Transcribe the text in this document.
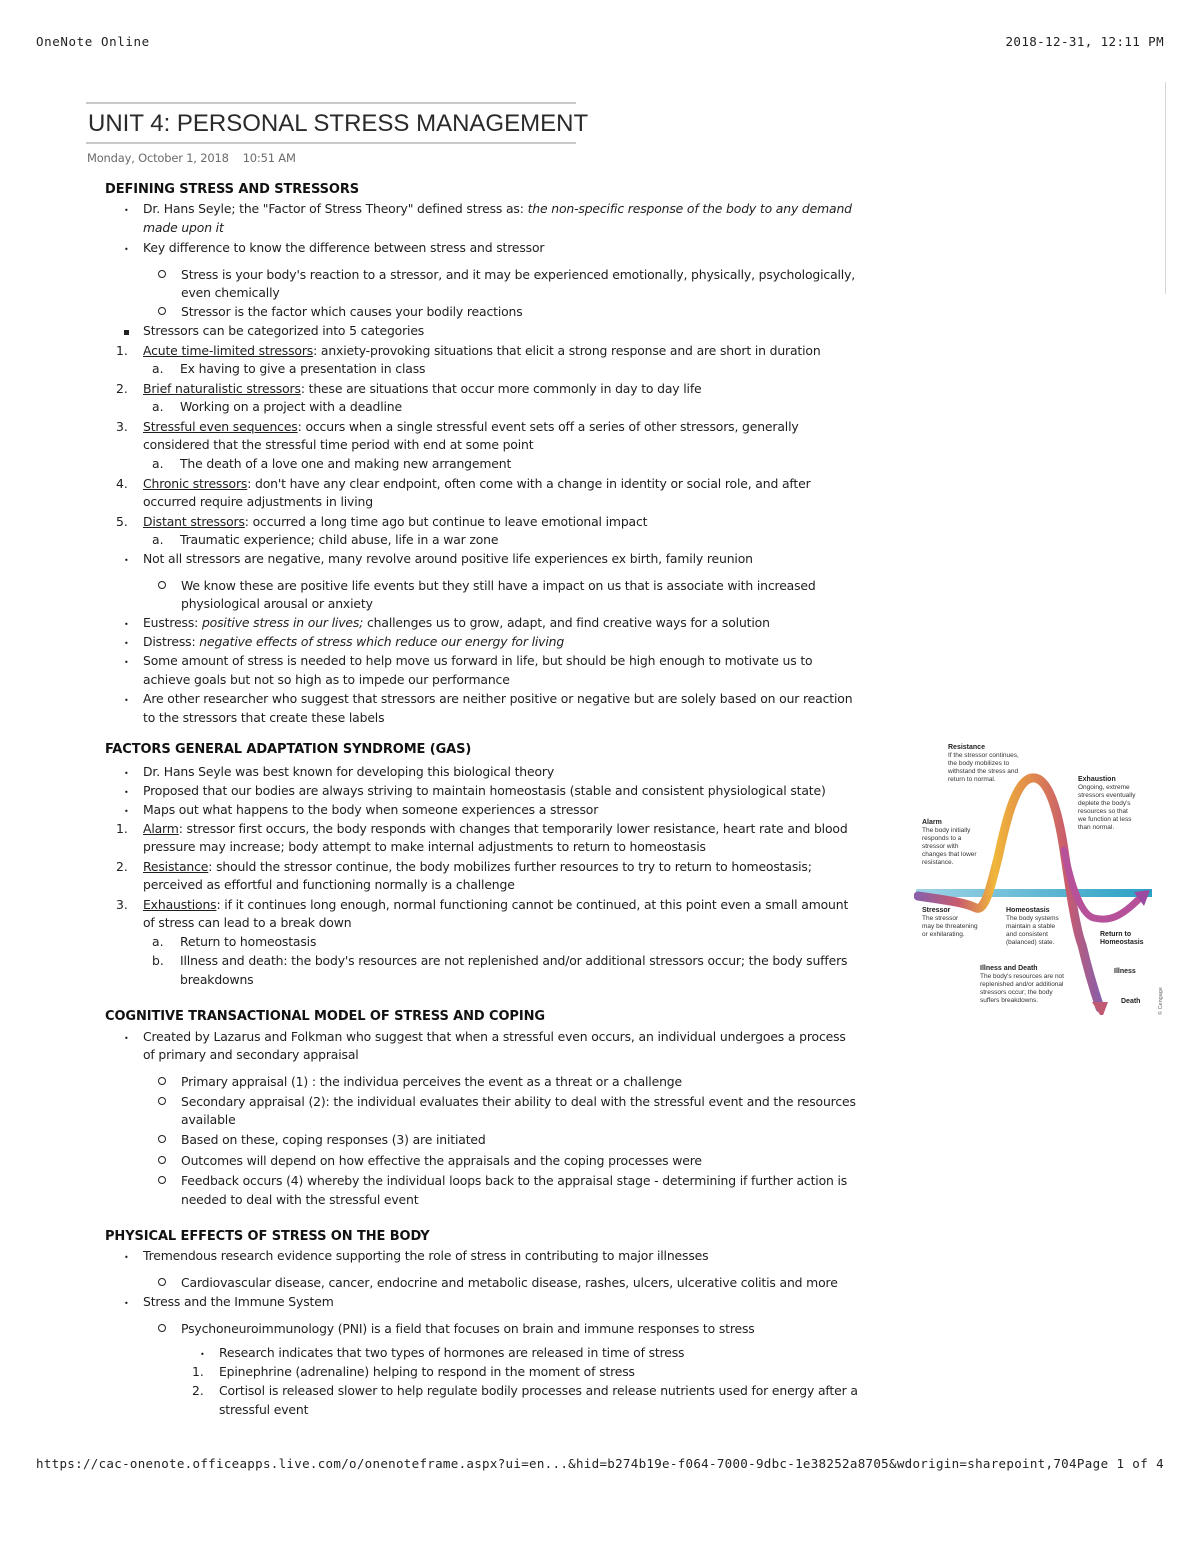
OneNote Online	2018-12-31, 12:11 PM
UNIT 4: PERSONAL STRESS MANAGEMENT
Monday, October 1, 2018 10:51 AM
DEFINING STRESS AND STRESSORS
• Dr. Hans Seyle; the "Factor of Stress Theory" defined stress as: the non-specific response of the body to any demand
made upon it
• Key difference to know the difference between stress and stressor
Stress is your body's reaction to a stressor, and it may be experienced emotionally, physically, psychologically,
even chemically
Stressor is the factor which causes your bodily reactions
Stressors can be categorized into 5 categories
1. Acute time-limited stressors: anxiety-provoking situations that elicit a strong response and are short in duration
a. Ex having to give a presentation in class
2. Brief naturalistic stressors: these are situations that occur more commonly in day to day life
a. Working on a project with a deadline
3. Stressful even sequences: occurs when a single stressful event sets off a series of other stressors, generally
considered that the stressful time period with end at some point
a. The death of a love one and making new arrangement
4. Chronic stressors: don't have any clear endpoint, often come with a change in identity or social role, and after
occurred require adjustments in living
5. Distant stressors: occurred a long time ago but continue to leave emotional impact
a. Traumatic experience; child abuse, life in a war zone
• Not all stressors are negative, many revolve around positive life experiences ex birth, family reunion
We know these are positive life events but they still have a impact on us that is associate with increased
physiological arousal or anxiety
• Eustress: positive stress in our lives; challenges us to grow, adapt, and find creative ways for a solution
• Distress: negative effects of stress which reduce our energy for living
• Some amount of stress is needed to help move us forward in life, but should be high enough to motivate us to
achieve goals but not so high as to impede our performance
• Are other researcher who suggest that stressors are neither positive or negative but are solely based on our reaction
to the stressors that create these labels
FACTORS GENERAL ADAPTATION SYNDROME (GAS)
• Dr. Hans Seyle was best known for developing this biological theory
• Proposed that our bodies are always striving to maintain homeostasis (stable and consistent physiological state)
• Maps out what happens to the body when someone experiences a stressor
1. Alarm: stressor first occurs, the body responds with changes that temporarily lower resistance, heart rate and blood
pressure may increase; body attempt to make internal adjustments to return to homeostasis
2. Resistance: should the stressor continue, the body mobilizes further resources to try to return to homeostasis;
perceived as effortful and functioning normally is a challenge
3. Exhaustions: if it continues long enough, normal functioning cannot be continued, at this point even a small amount
of stress can lead to a break down
a. Return to homeostasis
b. Illness and death: the body's resources are not replenished and/or additional stressors occur; the body suffers
breakdowns
COGNITIVE TRANSACTIONAL MODEL OF STRESS AND COPING
• Created by Lazarus and Folkman who suggest that when a stressful even occurs, an individual undergoes a process
of primary and secondary appraisal
Primary appraisal (1) : the individua perceives the event as a threat or a challenge
Secondary appraisal (2): the individual evaluates their ability to deal with the stressful event and the resources
available
Based on these, coping responses (3) are initiated
Outcomes will depend on how effective the appraisals and the coping processes were
Feedback occurs (4) whereby the individual loops back to the appraisal stage - determining if further action is
needed to deal with the stressful event
PHYSICAL EFFECTS OF STRESS ON THE BODY
• Tremendous research evidence supporting the role of stress in contributing to major illnesses
Cardiovascular disease, cancer, endocrine and metabolic disease, rashes, ulcers, ulcerative colitis and more
• Stress and the Immune System
Psychoneuroimmunology (PNI) is a field that focuses on brain and immune responses to stress
• Research indicates that two types of hormones are released in time of stress
1. Epinephrine (adrenaline) helping to respond in the moment of stress
2. Cortisol is released slower to help regulate bodily processes and release nutrients used for energy after a
stressful event
Resistance
If the stressor continues,
the body mobilizes to
withstand the stress and
return to normal.	Exhaustion
Ongoing, extreme
stressors eventually
deplete the body's
resources so that
we function at less
than normal.
Alarm
The body initially
responds to a
stressor with
changes that lower
resistance.
Stressor
The stressor
may be threatening
or exhilarating.
Homeostasis
The body systems
maintain a stable
and consistent
(balanced) state.
Return to
Homeostasis
Illness and Death
The body's resources are not
replenished and/or additional
stressors occur; the body
suffers breakdowns.
Illness
Death	© Cengage
https://cac-onenote.officeapps.live.com/o/onenoteframe.aspx?ui=en...&hid=b274b19e-f064-7000-9dbc-1e38252a8705&wdorigin=sharepoint,704 Page 1 of 4
